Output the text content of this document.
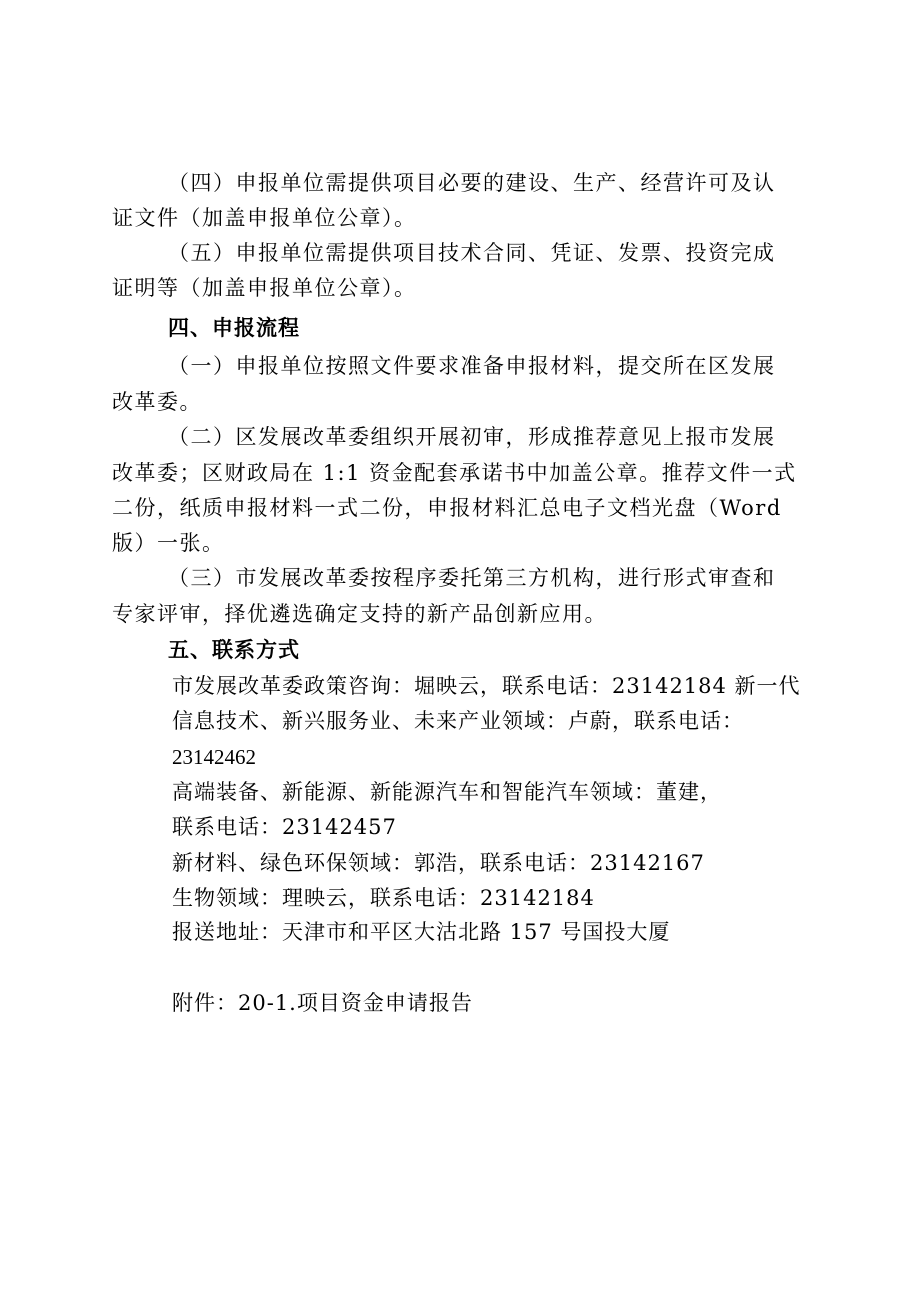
（四）申报单位需提供项目必要的建设、生产、经营许可及认
证文件（加盖申报单位公章）。
（五）申报单位需提供项目技术合同、凭证、发票、投资完成
证明等（加盖申报单位公章）。
四、申报流程
（一）申报单位按照文件要求准备申报材料，提交所在区发展
改革委。
（二）区发展改革委组织开展初审，形成推荐意见上报市发展
改革委；区财政局在 1:1 资金配套承诺书中加盖公章。推荐文件一式
二份，纸质申报材料一式二份，申报材料汇总电子文档光盘（Word
版）一张。
（三）市发展改革委按程序委托第三方机构，进行形式审查和
专家评审，择优遴选确定支持的新产品创新应用。
五、联系方式
市发展改革委政策咨询：堀映云，联系电话：23142184 新一代
信息技术、新兴服务业、未来产业领域：卢蔚，联系电话：
23142462
高端装备、新能源、新能源汽车和智能汽车领域：董建，
联系电话：23142457
新材料、绿色环保领域：郭浩，联系电话：23142167
生物领域：理映云，联系电话：23142184
报送地址：天津市和平区大沽北路 157 号国投大厦
附件：20-1.项目资金申请报告
